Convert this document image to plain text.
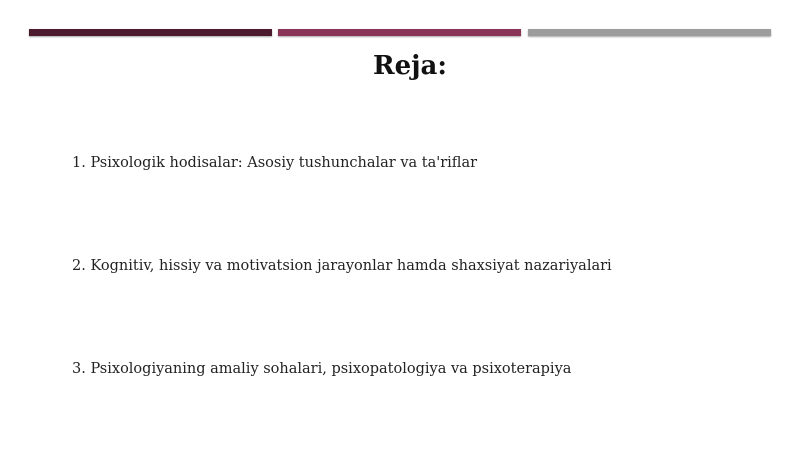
Reja:
1. Psixologik hodisalar: Asosiy tushunchalar va ta'riflar
2. Kognitiv, hissiy va motivatsion jarayonlar hamda shaxsiyat nazariyalari
3. Psixologiyaning amaliy sohalari, psixopatologiya va psixoterapiya
